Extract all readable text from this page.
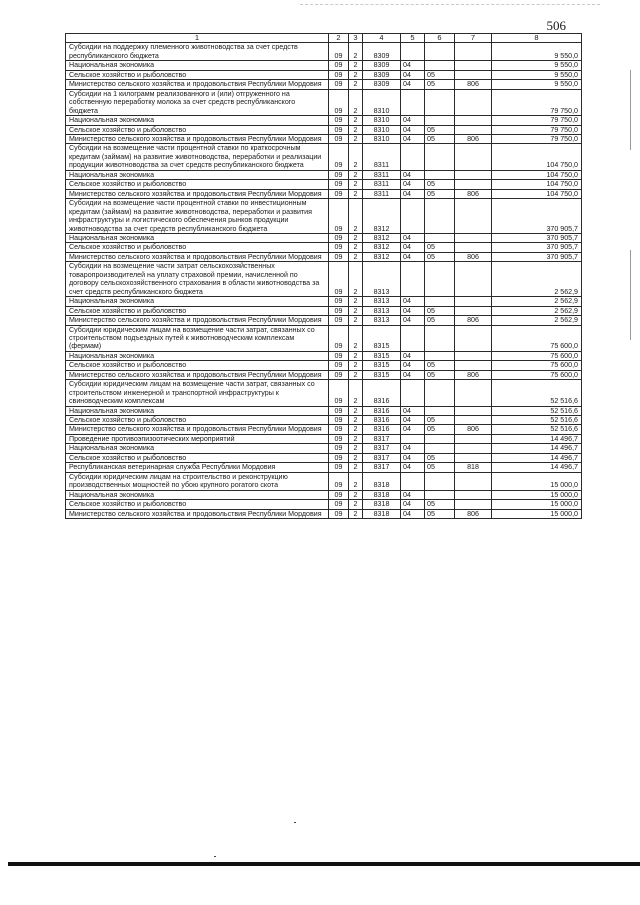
506
1	2	3	4	5	6	7	8
Субсидии на поддержку племенного животноводства за счет средств республиканского бюджета	09	2	8309				9 550,0
Национальная экономика	09	2	8309	04			9 550,0
Сельское хозяйство и рыболовство	09	2	8309	04	05		9 550,0
Министерство сельского хозяйства и продовольствия Республики Мордовия	09	2	8309	04	05	806	9 550,0
Субсидии на 1 килограмм реализованного и (или) отгруженного на собственную переработку молока за счет средств республиканского бюджета	09	2	8310				79 750,0
Национальная экономика	09	2	8310	04			79 750,0
Сельское хозяйство и рыболовство	09	2	8310	04	05		79 750,0
Министерство сельского хозяйства и продовольствия Республики Мордовия	09	2	8310	04	05	806	79 750,0
Субсидии на возмещение части процентной ставки по краткосрочным кредитам (займам) на развитие животноводства, переработки и реализации продукции животноводства за счет средств республиканского бюджета	09	2	8311				104 750,0
Национальная экономика	09	2	8311	04			104 750,0
Сельское хозяйство и рыболовство	09	2	8311	04	05		104 750,0
Министерство сельского хозяйства и продовольствия Республики Мордовия	09	2	8311	04	05	806	104 750,0
Субсидии на возмещение части процентной ставки по инвестиционным кредитам (займам) на развитие животноводства, переработки и развития инфраструктуры и логистического обеспечения рынков продукции животноводства за счет средств республиканского бюджета	09	2	8312				370 905,7
Национальная экономика	09	2	8312	04			370 905,7
Сельское хозяйство и рыболовство	09	2	8312	04	05		370 905,7
Министерство сельского хозяйства и продовольствия Республики Мордовия	09	2	8312	04	05	806	370 905,7
Субсидии на возмещение части затрат сельскохозяйственных товаропроизводителей на уплату страховой премии, начисленной по договору сельскохозяйственного страхования в области животноводства за счет средств республиканского бюджета	09	2	8313				2 562,9
Национальная экономика	09	2	8313	04			2 562,9
Сельское хозяйство и рыболовство	09	2	8313	04	05		2 562,9
Министерство сельского хозяйства и продовольствия Республики Мордовия	09	2	8313	04	05	806	2 562,9
Субсидии юридическим лицам на возмещение части затрат, связанных со строительством подъездных путей к животноводческим комплексам (фермам)	09	2	8315				75 600,0
Национальная экономика	09	2	8315	04			75 600,0
Сельское хозяйство и рыболовство	09	2	8315	04	05		75 600,0
Министерство сельского хозяйства и продовольствия Республики Мордовия	09	2	8315	04	05	806	75 600,0
Субсидии юридическим лицам на возмещение части затрат, связанных со строительством инженерной и транспортной инфраструктуры к свиноводческим комплексам	09	2	8316				52 516,6
Национальная экономика	09	2	8316	04			52 516,6
Сельское хозяйство и рыболовство	09	2	8316	04	05		52 516,6
Министерство сельского хозяйства и продовольствия Республики Мордовия	09	2	8316	04	05	806	52 516,6
Проведение противоэпизоотических мероприятий	09	2	8317				14 496,7
Национальная экономика	09	2	8317	04			14 496,7
Сельское хозяйство и рыболовство	09	2	8317	04	05		14 496,7
Республиканская ветеринарная служба Республики Мордовия	09	2	8317	04	05	818	14 496,7
Субсидии юридическим лицам на строительство и реконструкцию производственных мощностей по убою крупного рогатого скота	09	2	8318				15 000,0
Национальная экономика	09	2	8318	04			15 000,0
Сельское хозяйство и рыболовство	09	2	8318	04	05		15 000,0
Министерство сельского хозяйства и продовольствия Республики Мордовия	09	2	8318	04	05	806	15 000,0
